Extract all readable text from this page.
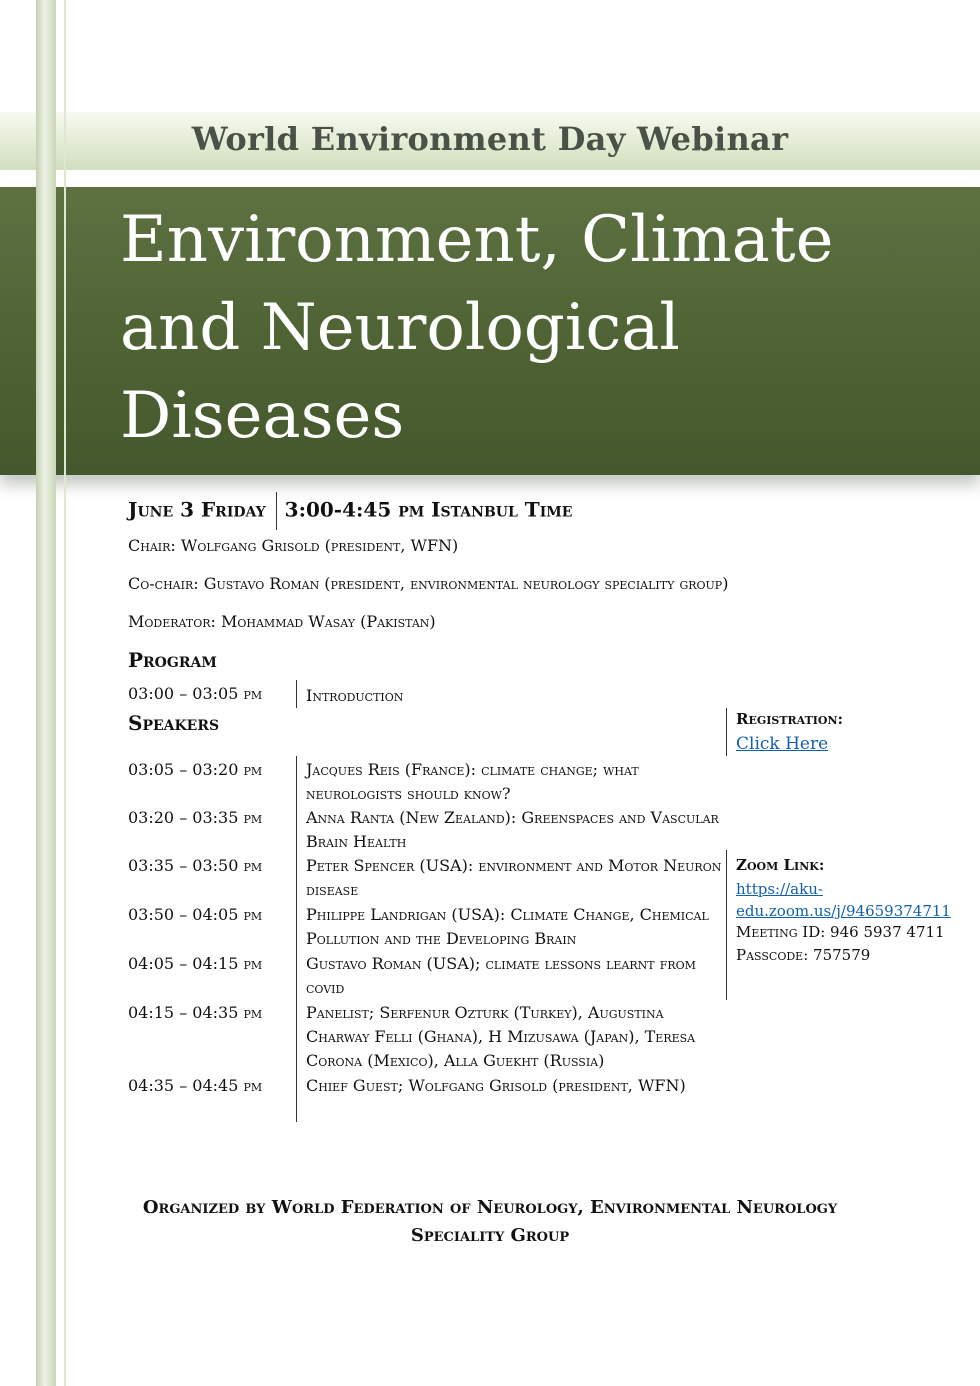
World Environment Day Webinar
Environment, Climate
and Neurological
Diseases
June 3 Friday 3:00-4:45 pm Istanbul Time
Chair: Wolfgang Grisold (president, WFN)
Co-chair: Gustavo Roman (president, environmental neurology speciality group)
Moderator: Mohammad Wasay (Pakistan)
Program
03:00 – 03:05 pm	Introduction
Speakers
03:05 – 03:20 pm	Jacques Reis (France): climate change; what neurologists should know?
03:20 – 03:35 pm	Anna Ranta (New Zealand): Greenspaces and Vascular Brain Health
03:35 – 03:50 pm	Peter Spencer (USA): environment and Motor Neuron disease
03:50 – 04:05 pm	Philippe Landrigan (USA): Climate Change, Chemical Pollution and the Developing Brain
04:05 – 04:15 pm	Gustavo Roman (USA); climate lessons learnt from covid
04:15 – 04:35 pm	Panelist; Serfenur Ozturk (Turkey), Augustina Charway Felli (Ghana), H Mizusawa (Japan), Teresa Corona (Mexico), Alla Guekht (Russia)
04:35 – 04:45 pm	Chief Guest; Wolfgang Grisold (president, WFN)
Registration:
Click Here
Zoom Link:
https://aku-
edu.zoom.us/j/94659374711
Meeting ID: 946 5937 4711
Passcode: 757579
Organized by World Federation of Neurology, Environmental Neurology
Speciality Group
